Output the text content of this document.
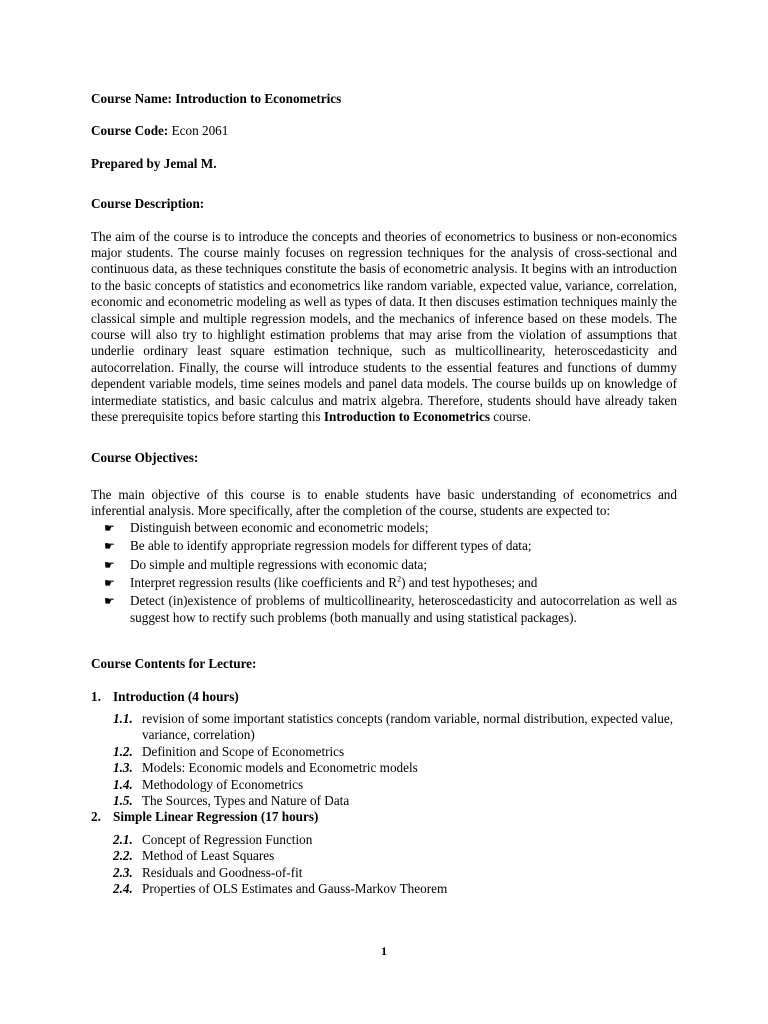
Course Name: Introduction to Econometrics

Course Code: Econ 2061

Prepared by Jemal M.

Course Description:

The aim of the course is to introduce the concepts and theories of econometrics to business or non-economics major students. The course mainly focuses on regression techniques for the analysis of cross-sectional and continuous data, as these techniques constitute the basis of econometric analysis. It begins with an introduction to the basic concepts of statistics and econometrics like random variable, expected value, variance, correlation, economic and econometric modeling as well as types of data. It then discuses estimation techniques mainly the classical simple and multiple regression models, and the mechanics of inference based on these models. The course will also try to highlight estimation problems that may arise from the violation of assumptions that underlie ordinary least square estimation technique, such as multicollinearity, heteroscedasticity and autocorrelation. Finally, the course will introduce students to the essential features and functions of dummy dependent variable models, time seines models and panel data models. The course builds up on knowledge of intermediate statistics, and basic calculus and matrix algebra. Therefore, students should have already taken these prerequisite topics before starting this Introduction to Econometrics course.

Course Objectives:

The main objective of this course is to enable students have basic understanding of econometrics and inferential analysis. More specifically, after the completion of the course, students are expected to:

☛	Distinguish between economic and econometric models;
☛	Be able to identify appropriate regression models for different types of data;
☛	Do simple and multiple regressions with economic data;
☛	Interpret regression results (like coefficients and $R^2$) and test hypotheses; and
☛	Detect (in)existence of problems of multicollinearity, heteroscedasticity and autocorrelation as well as suggest how to rectify such problems (both manually and using statistical packages).

Course Contents for Lecture:

1. Introduction (4 hours)
1.1. revision of some important statistics concepts (random variable, normal distribution, expected value, variance, correlation)
1.2. Definition and Scope of Econometrics
1.3. Models: Economic models and Econometric models
1.4. Methodology of Econometrics
1.5. The Sources, Types and Nature of Data
2. Simple Linear Regression (17 hours)
2.1. Concept of Regression Function
2.2. Method of Least Squares
2.3. Residuals and Goodness-of-fit
2.4. Properties of OLS Estimates and Gauss-Markov Theorem
1
